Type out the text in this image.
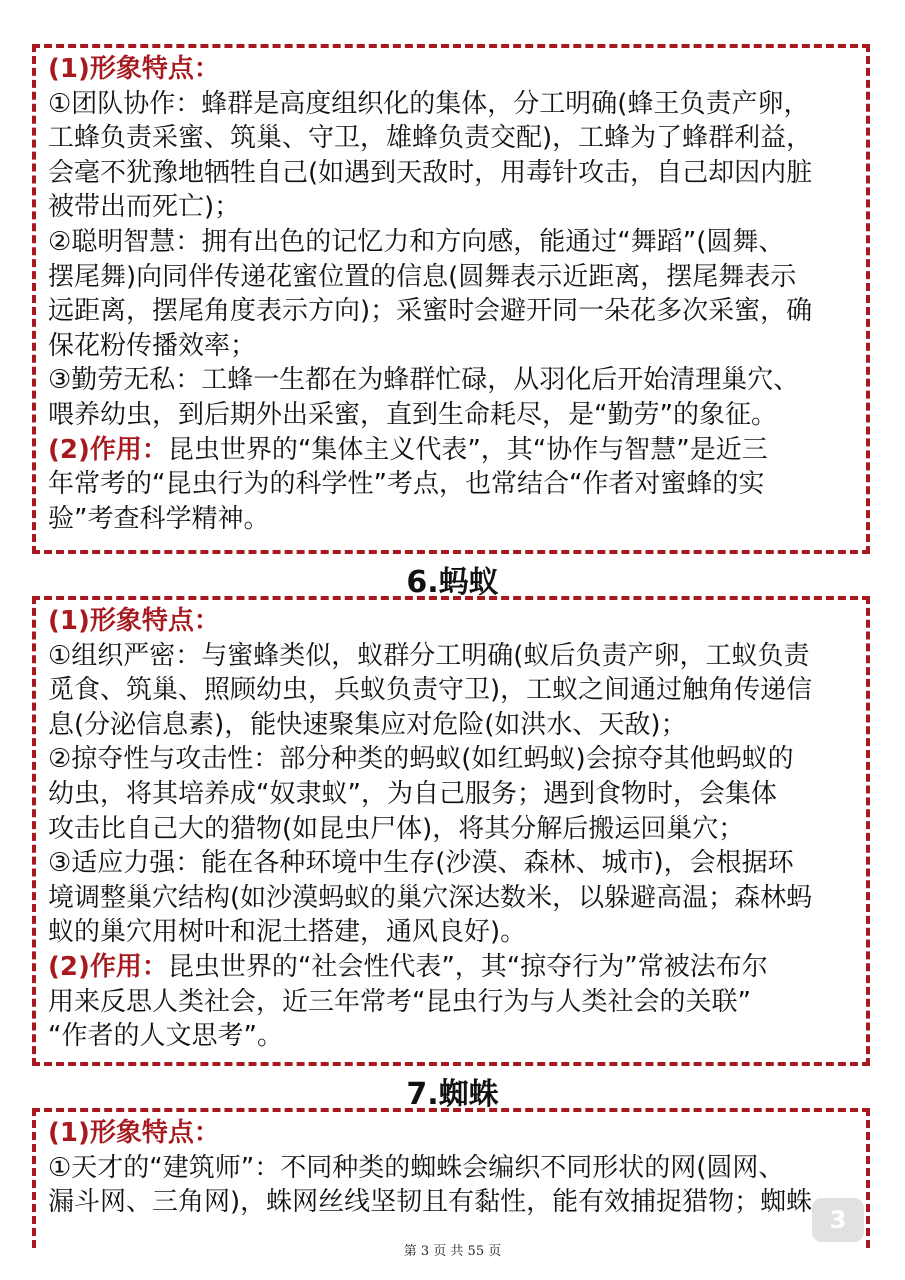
(1)形象特点：
①团队协作：蜂群是高度组织化的集体，分工明确(蜂王负责产卵，
工蜂负责采蜜、筑巢、守卫，雄蜂负责交配)，工蜂为了蜂群利益，
会毫不犹豫地牺牲自己(如遇到天敌时，用毒针攻击，自己却因内脏
被带出而死亡)；
②聪明智慧：拥有出色的记忆力和方向感，能通过“舞蹈”(圆舞、
摆尾舞)向同伴传递花蜜位置的信息(圆舞表示近距离，摆尾舞表示
远距离，摆尾角度表示方向)；采蜜时会避开同一朵花多次采蜜，确
保花粉传播效率；
③勤劳无私：工蜂一生都在为蜂群忙碌，从羽化后开始清理巢穴、
喂养幼虫，到后期外出采蜜，直到生命耗尽，是“勤劳”的象征。
(2)作用：昆虫世界的“集体主义代表”，其“协作与智慧”是近三
年常考的“昆虫行为的科学性”考点，也常结合“作者对蜜蜂的实
验”考查科学精神。
6.蚂蚁
(1)形象特点：
①组织严密：与蜜蜂类似，蚁群分工明确(蚁后负责产卵，工蚁负责
觅食、筑巢、照顾幼虫，兵蚁负责守卫)，工蚁之间通过触角传递信
息(分泌信息素)，能快速聚集应对危险(如洪水、天敌)；
②掠夺性与攻击性：部分种类的蚂蚁(如红蚂蚁)会掠夺其他蚂蚁的
幼虫，将其培养成“奴隶蚁”，为自己服务；遇到食物时，会集体
攻击比自己大的猎物(如昆虫尸体)，将其分解后搬运回巢穴；
③适应力强：能在各种环境中生存(沙漠、森林、城市)，会根据环
境调整巢穴结构(如沙漠蚂蚁的巢穴深达数米，以躲避高温；森林蚂
蚁的巢穴用树叶和泥土搭建，通风良好)。
(2)作用：昆虫世界的“社会性代表”，其“掠夺行为”常被法布尔
用来反思人类社会，近三年常考“昆虫行为与人类社会的关联”
“作者的人文思考”。
7.蜘蛛
(1)形象特点：
①天才的“建筑师”：不同种类的蜘蛛会编织不同形状的网(圆网、
漏斗网、三角网)，蛛网丝线坚韧且有黏性，能有效捕捉猎物；蜘蛛
3
第 3 页 共 55 页
